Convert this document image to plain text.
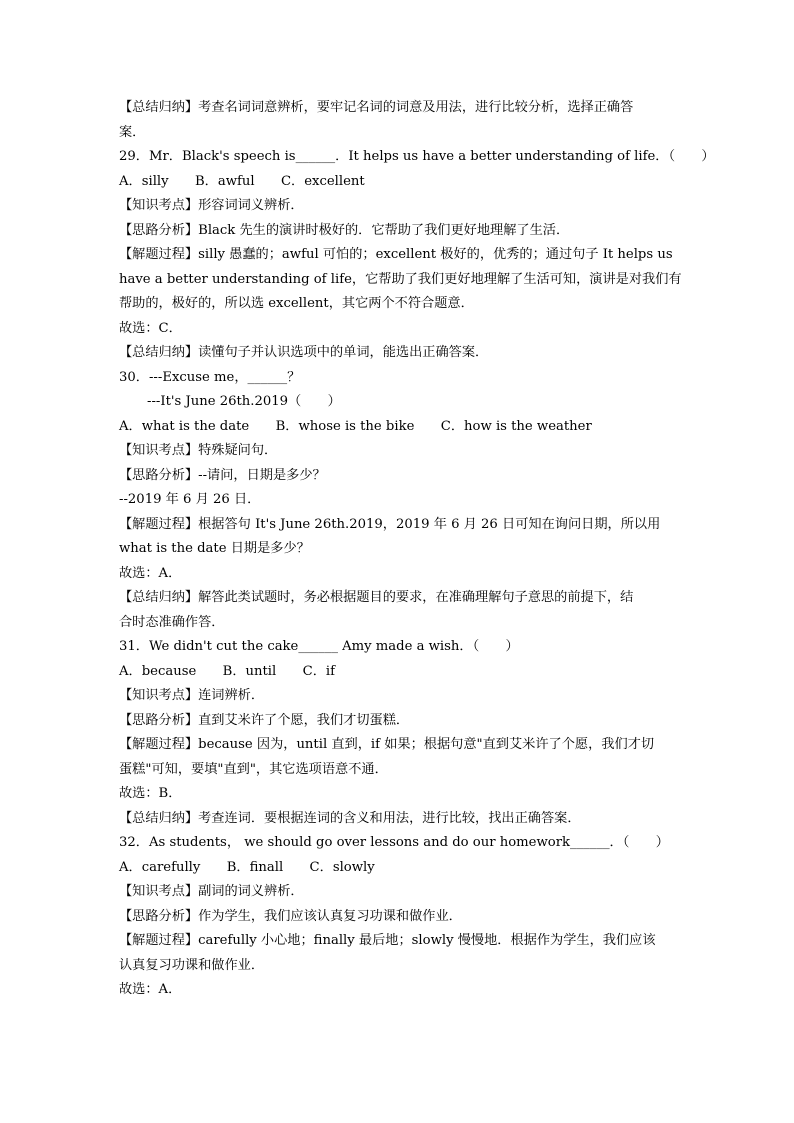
【总结归纳】考查名词词意辨析，要牢记名词的词意及用法，进行比较分析，选择正确答
案．
29．Mr．Black's speech is______．It helps us have a better understanding of life．（　　）
A．silly　　B．awful　　C．excellent
【知识考点】形容词词义辨析．
【思路分析】Black 先生的演讲时极好的．它帮助了我们更好地理解了生活．
【解题过程】silly 愚蠢的；awful 可怕的；excellent 极好的，优秀的；通过句子 It helps us
have a better understanding of life，它帮助了我们更好地理解了生活可知，演讲是对我们有
帮助的，极好的，所以选 excellent，其它两个不符合题意．
故选：C．
【总结归纳】读懂句子并认识选项中的单词，能选出正确答案．
30．---Excuse me，______？
---It's June 26th.2019（　　）
A．what is the date　　B．whose is the bike　　C．how is the weather
【知识考点】特殊疑问句．
【思路分析】--请问，日期是多少？
--2019 年 6 月 26 日．
【解题过程】根据答句 It's June 26th.2019，2019 年 6 月 26 日可知在询问日期，所以用
what is the date 日期是多少？
故选：A．
【总结归纳】解答此类试题时，务必根据题目的要求，在准确理解句子意思的前提下，结
合时态准确作答．
31．We didn't cut the cake______ Amy made a wish．（　　）
A．because　　B．until　　C．if
【知识考点】连词辨析．
【思路分析】直到艾米许了个愿，我们才切蛋糕．
【解题过程】because 因为，until 直到，if 如果；根据句意"直到艾米许了个愿，我们才切
蛋糕"可知，要填"直到"，其它选项语意不通．
故选：B．
【总结归纳】考查连词．要根据连词的含义和用法，进行比较，找出正确答案．
32．As students， we should go over lessons and do our homework______．（　　）
A．carefully　　B．finall　　C．slowly
【知识考点】副词的词义辨析．
【思路分析】作为学生，我们应该认真复习功课和做作业．
【解题过程】carefully 小心地；finally 最后地；slowly 慢慢地．根据作为学生，我们应该
认真复习功课和做作业．
故选：A．
